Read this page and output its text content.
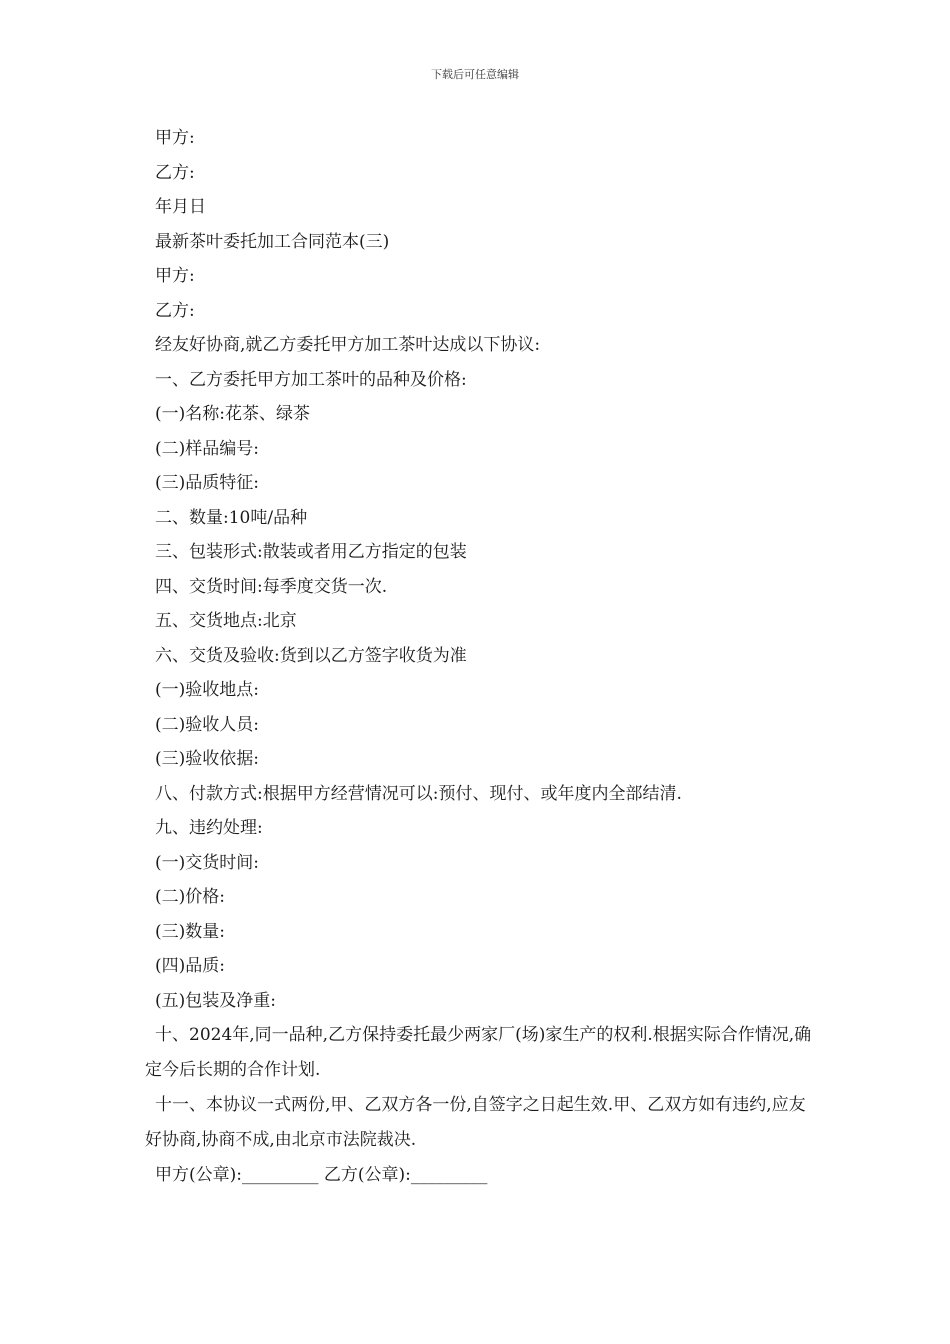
下载后可任意编辑
甲方:
乙方:
年月日
最新茶叶委托加工合同范本(三)
甲方:
乙方:
经友好协商,就乙方委托甲方加工茶叶达成以下协议:
一、乙方委托甲方加工茶叶的品种及价格:
(一)名称:花茶、绿茶
(二)样品编号:
(三)品质特征:
二、数量:10吨/品种
三、包装形式:散装或者用乙方指定的包装
四、交货时间:每季度交货一次.
五、交货地点:北京
六、交货及验收:货到以乙方签字收货为准
(一)验收地点:
(二)验收人员:
(三)验收依据:
八、付款方式:根据甲方经营情况可以:预付、现付、或年度内全部结清.
九、违约处理:
(一)交货时间:
(二)价格:
(三)数量:
(四)品质:
(五)包装及净重:

十、2024年,同一品种,乙方保持委托最少两家厂(场)家生产的权利.根据实际合作情况,确定今后长期的合作计划.

十一、本协议一式两份,甲、乙双方各一份,自签字之日起生效.甲、乙双方如有违约,应友好协商,协商不成,由北京市法院裁决.

甲方(公章):_________ 乙方(公章):_________
